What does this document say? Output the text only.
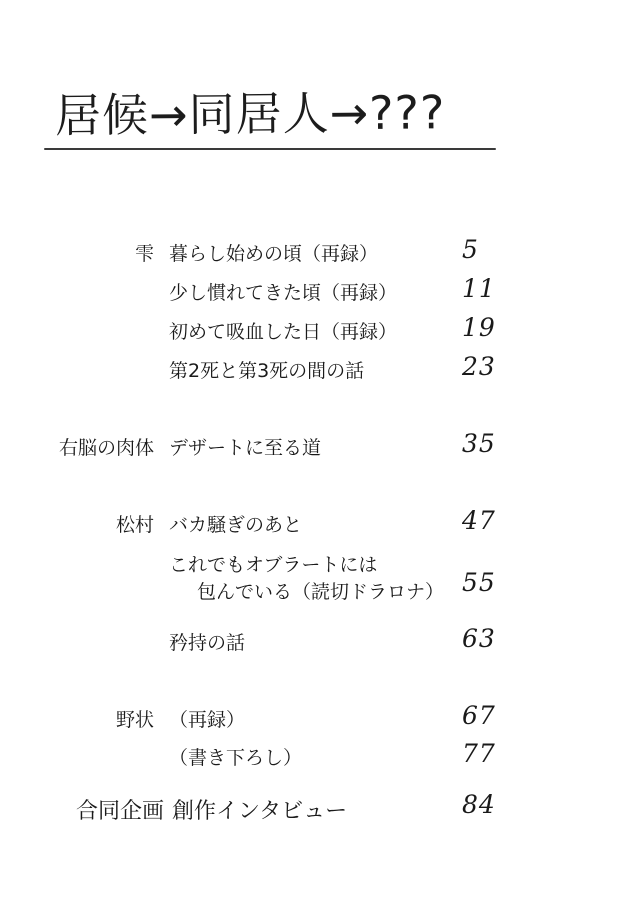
居候→同居人→???
雫 暮らし始めの頃（再録）	5
少し慣れてきた頃（再録）	11
初めて吸血した日（再録）	19
第2死と第3死の間の話	23
右脳の肉体 デザートに至る道	35
松村 バカ騒ぎのあと	47
これでもオブラートには
包んでいる（読切ドラロナ） 55
矜持の話	63
野状 （再録）	67
（書き下ろし）	77
合同企画 創作インタビュー	84
